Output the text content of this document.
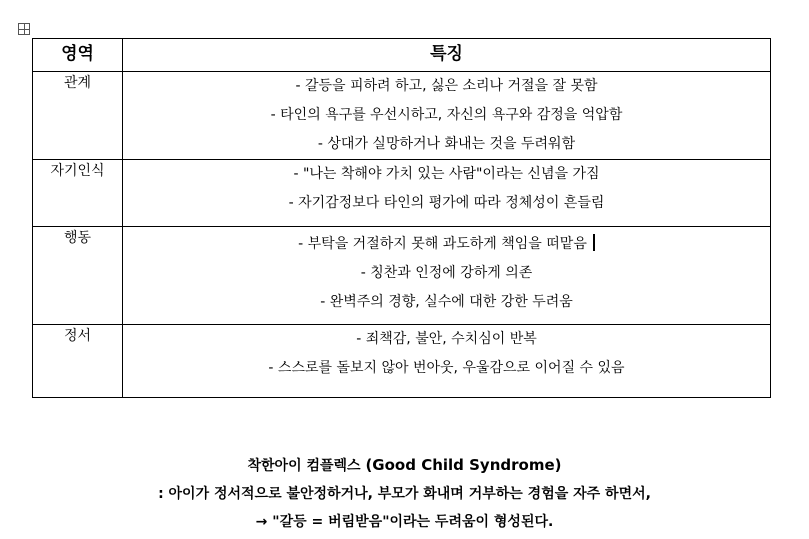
영역	특징
관계	- 갈등을 피하려 하고, 싫은 소리나 거절을 잘 못함
- 타인의 욕구를 우선시하고, 자신의 욕구와 감정을 억압함
- 상대가 실망하거나 화내는 것을 두려워함

자기인식	- "나는 착해야 가치 있는 사람"이라는 신념을 가짐
- 자기감정보다 타인의 평가에 따라 정체성이 흔들림

행동	- 부탁을 거절하지 못해 과도하게 책임을 떠맡음
- 칭찬과 인정에 강하게 의존
- 완벽주의 경향, 실수에 대한 강한 두려움

정서	- 죄책감, 불안, 수치심이 반복
- 스스로를 돌보지 않아 번아웃, 우울감으로 이어질 수 있음
착한아이 컴플렉스 (Good Child Syndrome)
: 아이가 정서적으로 불안정하거나, 부모가 화내며 거부하는 경험을 자주 하면서,
→ "갈등 = 버림받음"이라는 두려움이 형성된다.
